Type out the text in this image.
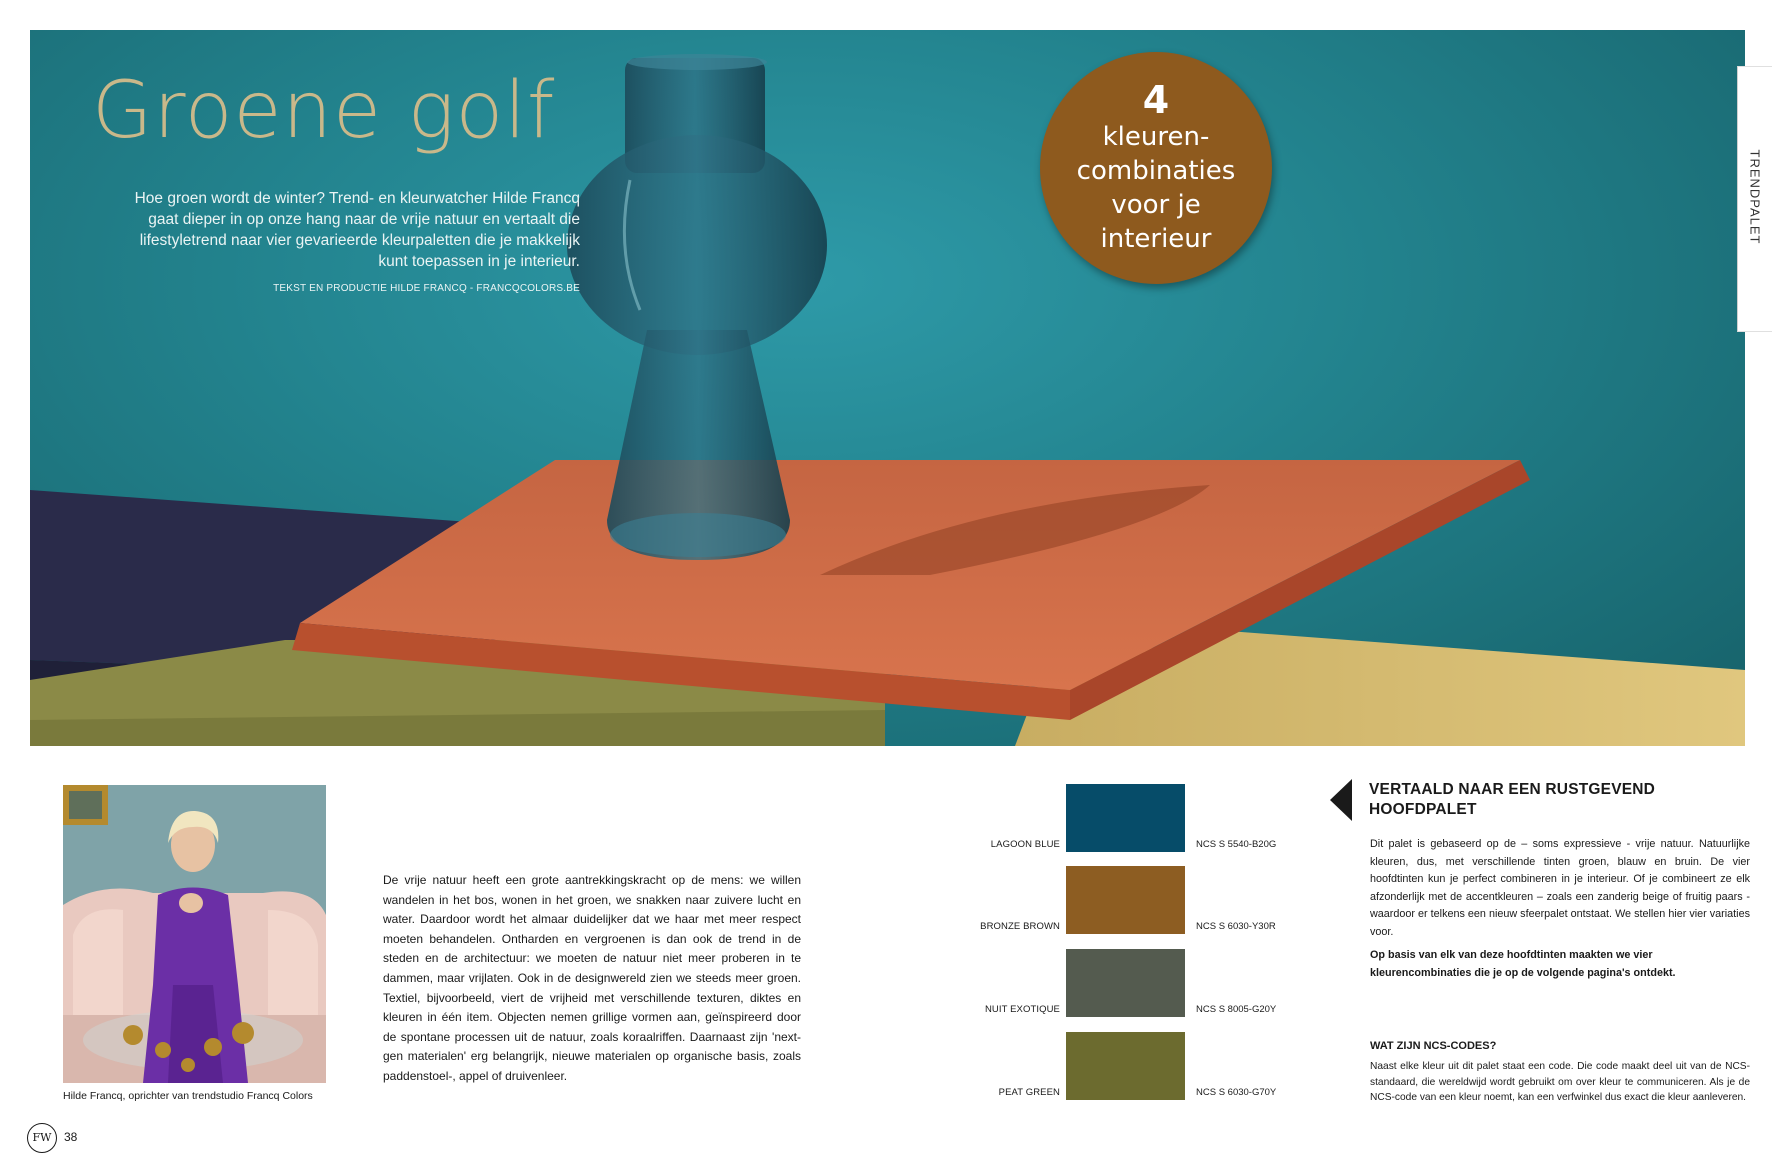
Groene golf
Hoe groen wordt de winter? Trend- en kleurwatcher Hilde Francq gaat dieper in op onze hang naar de vrije natuur en vertaalt die lifestyletrend naar vier gevarieerde kleurpaletten die je makkelijk kunt toepassen in je interieur.
TEKST EN PRODUCTIE HILDE FRANCQ - FRANCQCOLORS.BE
4
kleuren-
combinaties
voor je
interieur	TRENDPALET
Hilde Francq, oprichter van trendstudio Francq Colors
De vrije natuur heeft een grote aantrekkingskracht op de mens: we willen wandelen in het bos, wonen in het groen, we snakken naar zuivere lucht en water. Daardoor wordt het almaar duidelijker dat we haar met meer respect moeten behandelen. Ontharden en vergroenen is dan ook de trend in de steden en de architectuur: we moeten de natuur niet meer proberen in te dammen, maar vrijlaten. Ook in de designwereld zien we steeds meer groen. Textiel, bijvoorbeeld, viert de vrijheid met verschillende texturen, diktes en kleuren in één item. Objecten nemen grillige vormen aan, geïnspireerd door de spontane processen uit de natuur, zoals koraalriffen. Daarnaast zijn 'next-gen materialen' erg belangrijk, nieuwe materialen op organische basis, zoals paddenstoel-, appel of druivenleer.
LAGOON BLUE	NCS S 5540-B20G
BRONZE BROWN	NCS S 6030-Y30R
NUIT EXOTIQUE	NCS S 8005-G20Y
PEAT GREEN	NCS S 6030-G70Y
VERTAALD NAAR EEN RUSTGEVEND HOOFDPALET
Dit palet is gebaseerd op de – soms expressieve - vrije natuur. Natuurlijke kleuren, dus, met verschillende tinten groen, blauw en bruin. De vier hoofdtinten kun je perfect combineren in je interieur. Of je combineert ze elk afzonderlijk met de accentkleuren – zoals een zanderig beige of fruitig paars - waardoor er telkens een nieuw sfeerpalet ontstaat. We stellen hier vier variaties voor.
Op basis van elk van deze hoofdtinten maakten we vier kleurencombinaties die je op de volgende pagina's ontdekt.
WAT ZIJN NCS-CODES?
Naast elke kleur uit dit palet staat een code. Die code maakt deel uit van de NCS-standaard, die wereldwijd wordt gebruikt om over kleur te communiceren. Als je de NCS-code van een kleur noemt, kan een verfwinkel dus exact die kleur aanleveren.
FW	38
